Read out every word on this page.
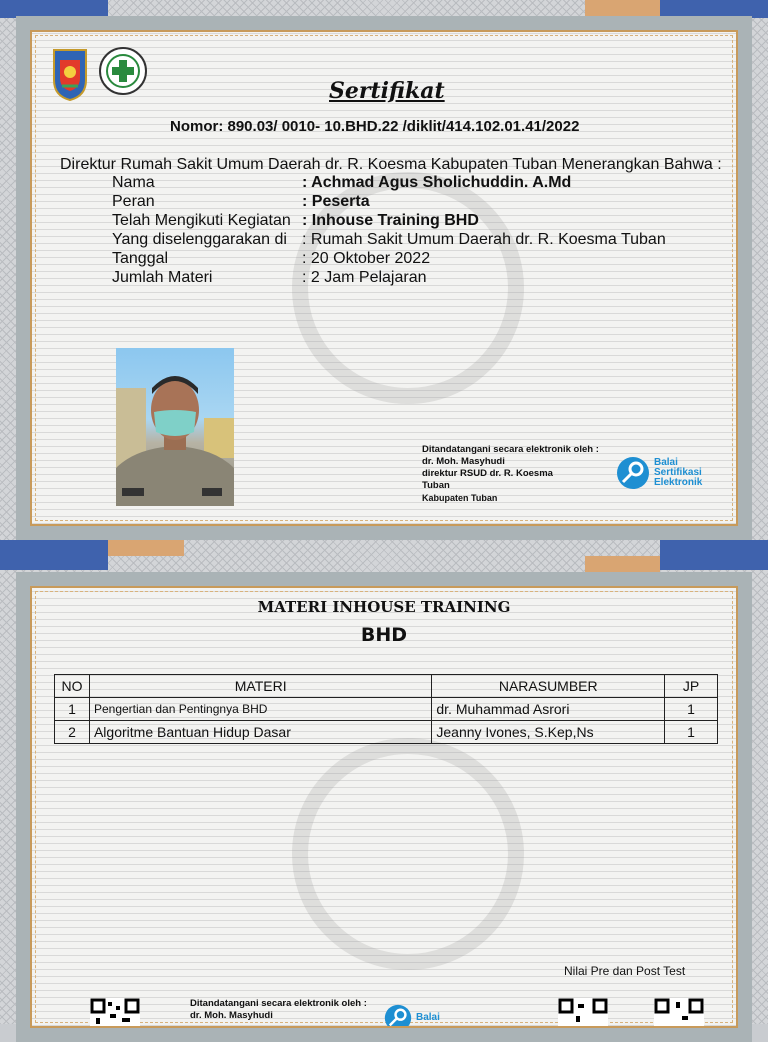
Sertifikat
Nomor: 890.03/ 0010- 10.BHD.22 /diklit/414.102.01.41/2022
Direktur Rumah Sakit Umum Daerah dr. R. Koesma Kabupaten Tuban Menerangkan Bahwa :
Nama	: Achmad Agus Sholichuddin. A.Md
Peran	: Peserta
Telah Mengikuti Kegiatan : Inhouse Training BHD
Yang diselenggarakan di : Rumah Sakit Umum Daerah dr. R. Koesma Tuban
Tanggal	: 20 Oktober 2022
Jumlah Materi	: 2 Jam Pelajaran
Ditandatangani secara elektronik oleh :
dr. Moh. Masyhudi
direktur RSUD dr. R. Koesma
Tuban
Kabupaten Tuban
Balai
Sertifikasi
Elektronik
MATERI INHOUSE TRAINING
BHD
NO	MATERI	NARASUMBER	JP
1	Pengertian dan Pentingnya BHD	dr. Muhammad Asrori	1
2	Algoritme Bantuan Hidup Dasar	Jeanny Ivones, S.Kep,Ns	1
Nilai Pre dan Post Test
Ditandatangani secara elektronik oleh :
dr. Moh. Masyhudi	Balai
